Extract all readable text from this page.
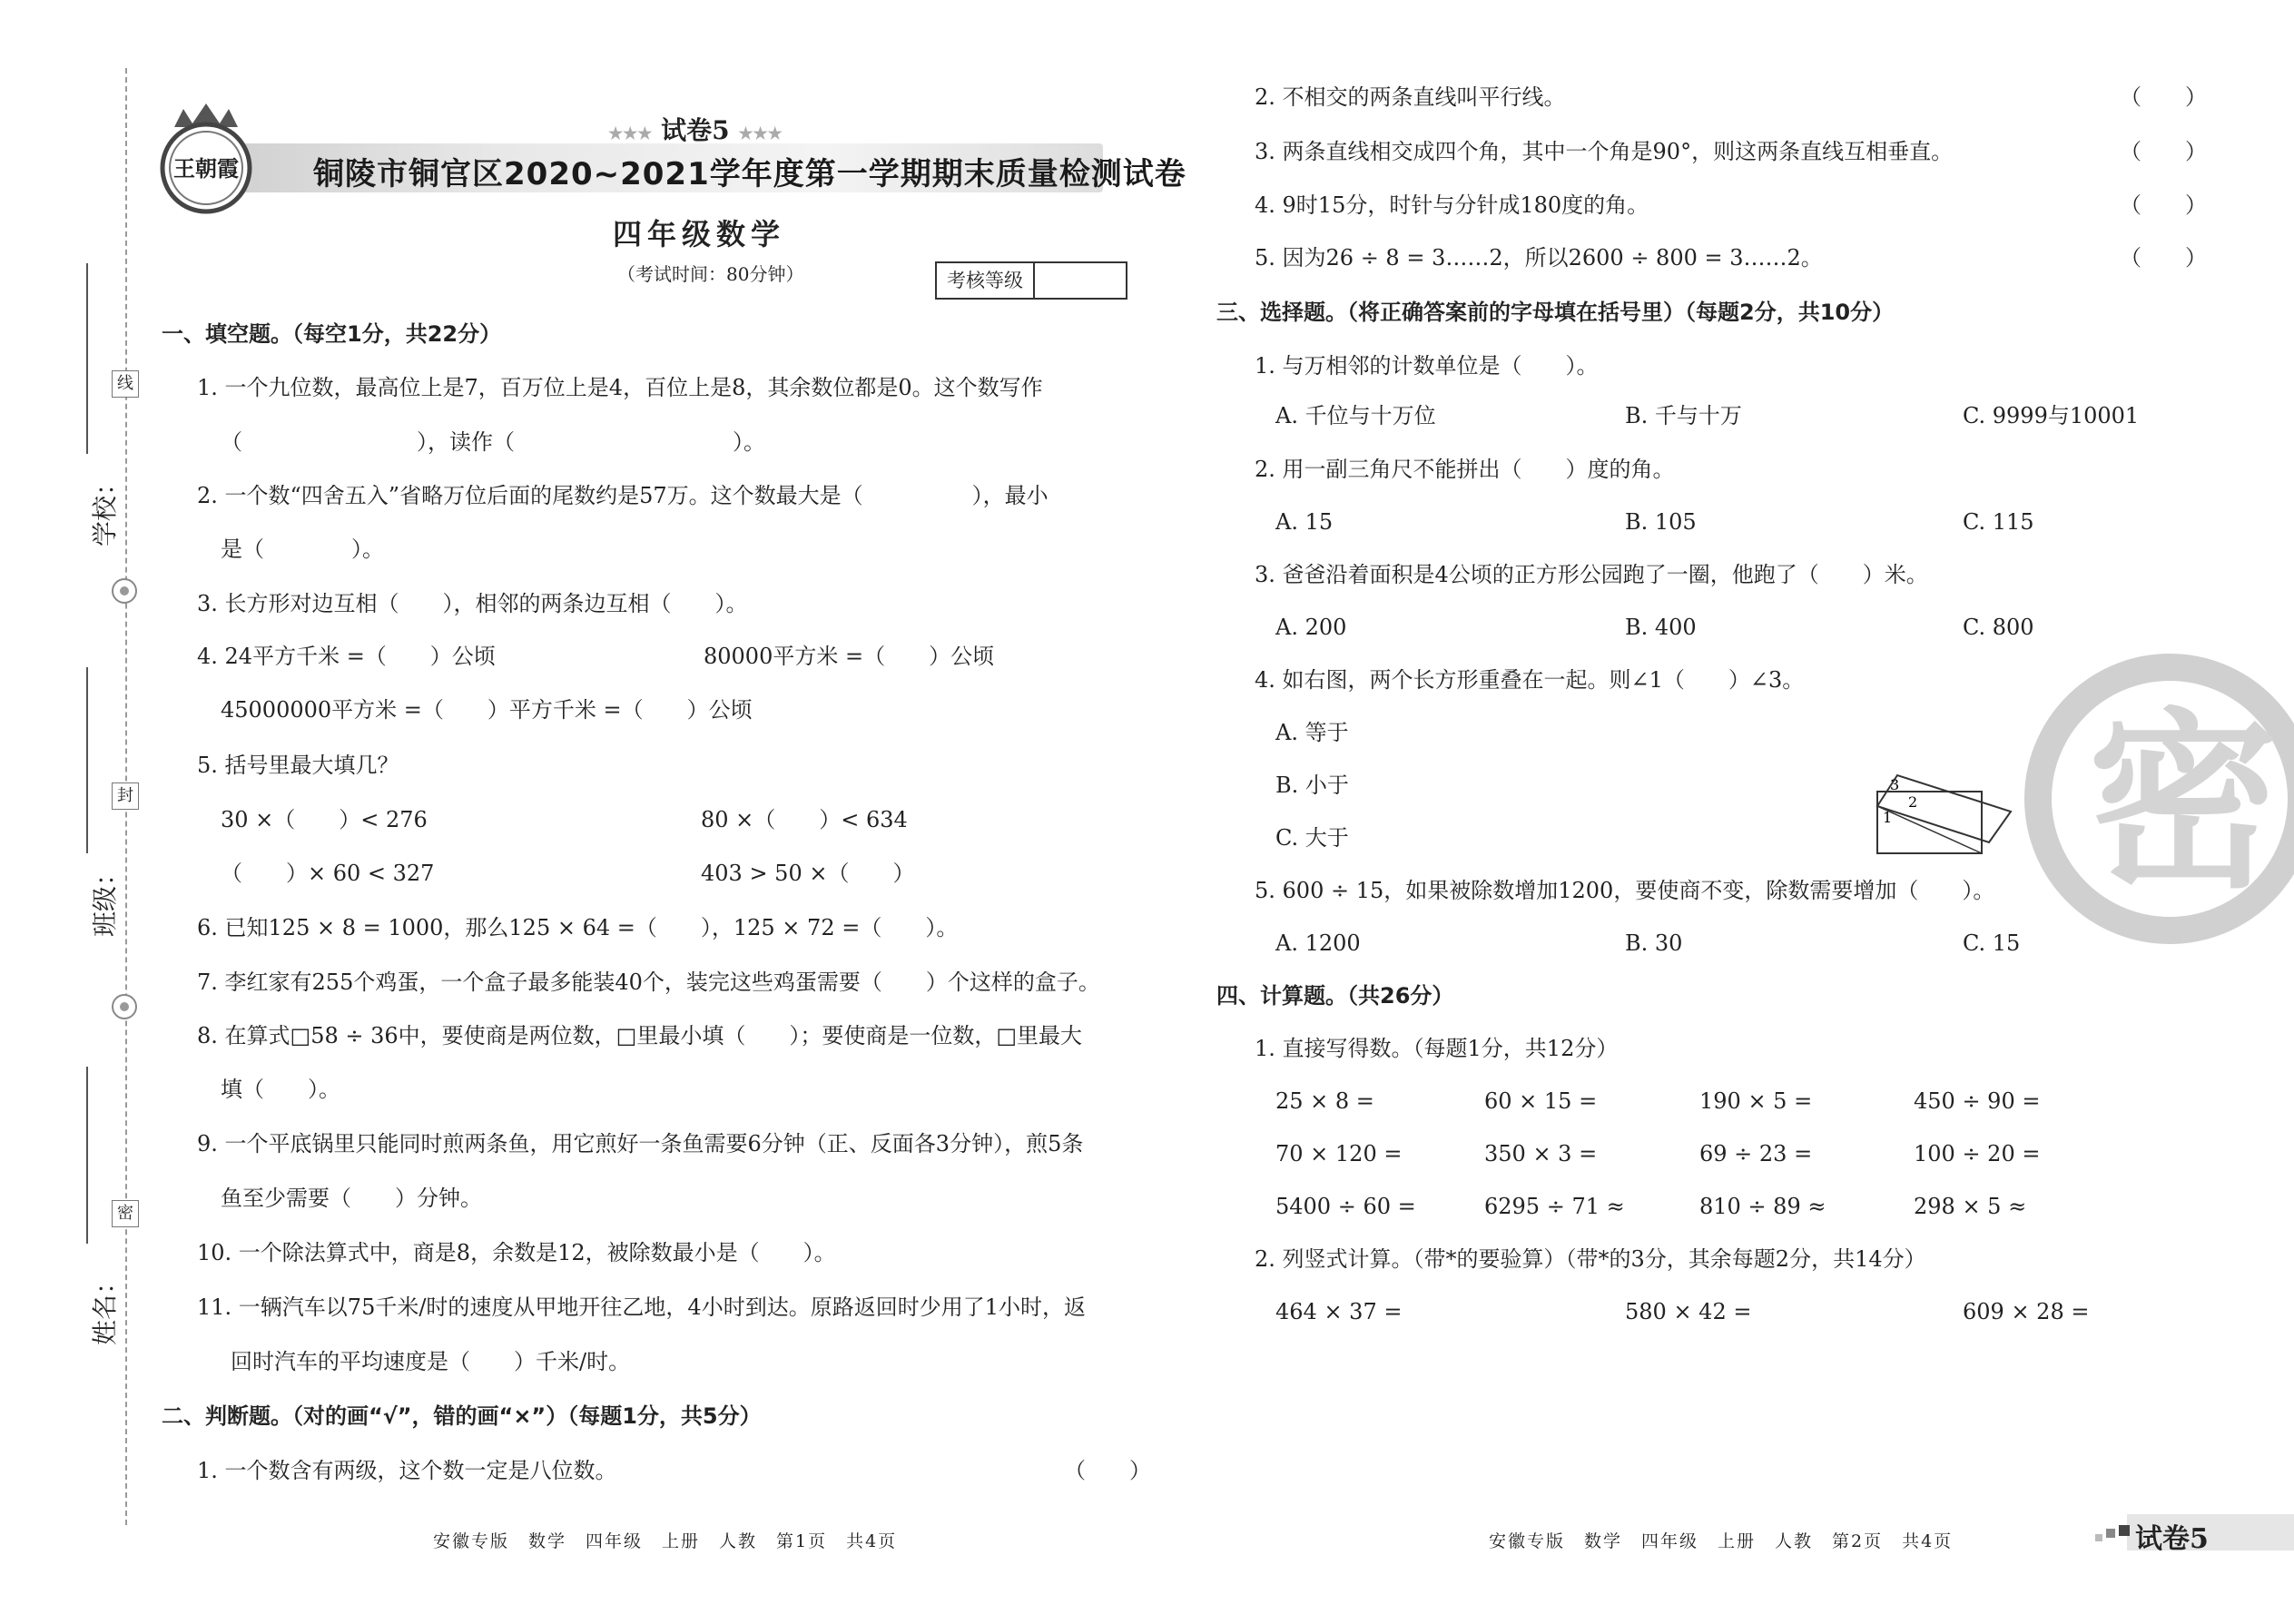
学校：
班级：
姓名：
线
封
密
王朝霞
★★★ 试卷5 ★★★
铜陵市铜官区2020~2021学年度第一学期期末质量检测试卷
四年级数学
（考试时间：80分钟）	考核等级
密
一、填空题。（每空1分，共22分）
1. 一个九位数，最高位上是7，百万位上是4，百位上是8，其余数位都是0。这个数写作
（　　　　　　　　），读作（　　　　　　　　　　）。
2. 一个数“四舍五入”省略万位后面的尾数约是57万。这个数最大是（　　　　　），最小
是（　　　　）。
3. 长方形对边互相（　　），相邻的两条边互相（　　）。
4. 24平方千米 =（　　）公顷	80000平方米 =（　　）公顷
45000000平方米 =（　　）平方千米 =（　　）公顷
5. 括号里最大填几？
30 ×（　　）< 276	80 ×（　　）< 634
（　　）× 60 < 327	403 > 50 ×（　　）
6. 已知125 × 8 = 1000，那么125 × 64 =（　　），125 × 72 =（　　）。
7. 李红家有255个鸡蛋，一个盒子最多能装40个，装完这些鸡蛋需要（　　）个这样的盒子。
8. 在算式□58 ÷ 36中，要使商是两位数，□里最小填（　　）；要使商是一位数，□里最大
填（　　）。
9. 一个平底锅里只能同时煎两条鱼，用它煎好一条鱼需要6分钟（正、反面各3分钟），煎5条
鱼至少需要（　　）分钟。
10. 一个除法算式中，商是8，余数是12，被除数最小是（　　）。
11. 一辆汽车以75千米/时的速度从甲地开往乙地，4小时到达。原路返回时少用了1小时，返
回时汽车的平均速度是（　　）千米/时。
二、判断题。（对的画“√”，错的画“×”）（每题1分，共5分）
1. 一个数含有两级，这个数一定是八位数。	（　　）
2. 不相交的两条直线叫平行线。	（　　）
3. 两条直线相交成四个角，其中一个角是90°，则这两条直线互相垂直。	（　　）
4. 9时15分，时针与分针成180度的角。	（　　）
5. 因为26 ÷ 8 = 3……2，所以2600 ÷ 800 = 3……2。	（　　）
三、选择题。（将正确答案前的字母填在括号里）（每题2分，共10分）
1. 与万相邻的计数单位是（　　）。
A. 千位与十万位	B. 千与十万	C. 9999与10001
2. 用一副三角尺不能拼出（　　）度的角。
A. 15	B. 105	C. 115
3. 爸爸沿着面积是4公顷的正方形公园跑了一圈，他跑了（　　）米。
A. 200	B. 400	C. 800
4. 如右图，两个长方形重叠在一起。则∠1（　　）∠3。
A. 等于
B. 小于
C. 大于
5. 600 ÷ 15，如果被除数增加1200，要使商不变，除数需要增加（　　）。
A. 1200	B. 30	C. 15
四、计算题。（共26分）
1. 直接写得数。（每题1分，共12分）
25 × 8 =	60 × 15 =	190 × 5 =	450 ÷ 90 =
70 × 120 =	350 × 3 =	69 ÷ 23 =	100 ÷ 20 =
5400 ÷ 60 =	6295 ÷ 71 ≈	810 ÷ 89 ≈	298 × 5 ≈
2. 列竖式计算。（带*的要验算）（带*的3分，其余每题2分，共14分）
464 × 37 =	580 × 42 =	609 × 28 =
3
2
1
安徽专版　数学　四年级　上册　人教　第1页　共4页	安徽专版　数学　四年级　上册　人教　第2页　共4页	试卷5
